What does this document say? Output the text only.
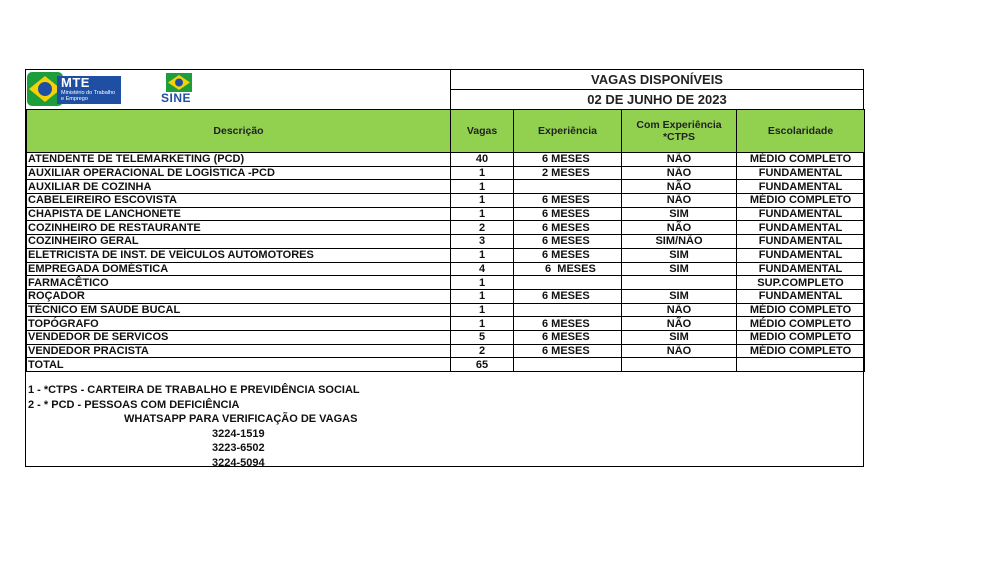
MTE
Ministério do Trabalho e Emprego	SINE
VAGAS DISPONÍVEIS
02 DE JUNHO DE 2023
Descrição	Vagas	Experiência	Com Experiência *CTPS	Escolaridade
ATENDENTE DE TELEMARKETING (PCD)	40	6 MESES	NÃO	MÉDIO COMPLETO
AUXILIAR OPERACIONAL DE LOGÍSTICA -PCD	1	2 MESES	NÃO	FUNDAMENTAL
AUXILIAR DE COZINHA	1		NÃO	FUNDAMENTAL
CABELEIREIRO ESCOVISTA	1	6 MESES	NÃO	MÉDIO COMPLETO
CHAPISTA DE LANCHONETE	1	6 MESES	SIM	FUNDAMENTAL
COZINHEIRO DE RESTAURANTE	2	6 MESES	NÃO	FUNDAMENTAL
COZINHEIRO GERAL	3	6 MESES	SIM/NÃO	FUNDAMENTAL
ELETRICISTA DE INST. DE VEÍCULOS AUTOMOTORES	1	6 MESES	SIM	FUNDAMENTAL
EMPREGADA DOMÉSTICA	4	6  MESES	SIM	FUNDAMENTAL
FARMACÊTICO	1			SUP.COMPLETO
ROÇADOR	1	6 MESES	SIM	FUNDAMENTAL
TÉCNICO EM SAÚDE BUCAL	1		NÃO	MÉDIO COMPLETO
TOPÓGRAFO	1	6 MESES	NÃO	MÉDIO COMPLETO
VENDEDOR DE SERVICOS	5	6 MESES	SIM	MEDIO COMPLETO
VENDEDOR PRACISTA	2	6 MESES	NÃO	MÉDIO COMPLETO
TOTAL	65			
1 - *CTPS - CARTEIRA DE TRABALHO E PREVIDÊNCIA SOCIAL
2 - * PCD - PESSOAS COM DEFICIÊNCIA
WHATSAPP PARA VERIFICAÇÃO DE VAGAS
3224-1519
3223-6502
3224-5094
